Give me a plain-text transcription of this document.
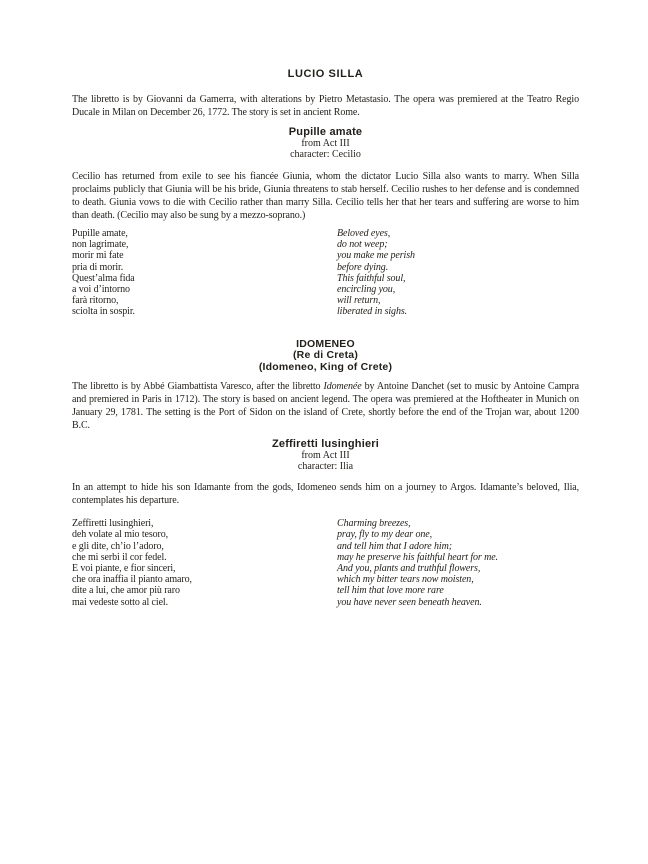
LUCIO SILLA

The libretto is by Giovanni da Gamerra, with alterations by Pietro Metastasio. The opera was premiered at the Teatro Regio Ducale in Milan on December 26, 1772. The story is set in ancient Rome.

Pupille amate
from Act III
character: Cecilio

Cecilio has returned from exile to see his fiancée Giunia, whom the dictator Lucio Silla also wants to marry. When Silla proclaims publicly that Giunia will be his bride, Giunia threatens to stab herself. Cecilio rushes to her defense and is condemned to death. Giunia vows to die with Cecilio rather than marry Silla. Cecilio tells her that her tears and suffering are worse to him than death. (Cecilio may also be sung by a mezzo-soprano.)

Pupille amate,
non lagrimate,
morir mi fate
pria di morir.
Quest’alma fida
a voi d’intorno
farà ritorno,
sciolta in sospir.
Beloved eyes,
do not weep;
you make me perish
before dying.
This faithful soul,
encircling you,
will return,
liberated in sighs.
IDOMENEO
(Re di Creta)
(Idomeneo, King of Crete)

The libretto is by Abbé Giambattista Varesco, after the libretto Idomenée by Antoine Danchet (set to music by Antoine Campra and premiered in Paris in 1712). The story is based on ancient legend. The opera was premiered at the Hoftheater in Munich on January 29, 1781. The setting is the Port of Sidon on the island of Crete, shortly before the end of the Trojan war, about 1200 B.C.

Zeffiretti lusinghieri
from Act III
character: Ilia

In an attempt to hide his son Idamante from the gods, Idomeneo sends him on a journey to Argos. Idamante’s beloved, Ilia, contemplates his departure.

Zeffiretti lusinghieri,
deh volate al mio tesoro,
e gli dite, ch’io l’adoro,
che mi serbi il cor fedel.
E voi piante, e fior sinceri,
che ora inaffia il pianto amaro,
dite a lui, che amor più raro
mai vedeste sotto al ciel.
Charming breezes,
pray, fly to my dear one,
and tell him that I adore him;
may he preserve his faithful heart for me.
And you, plants and truthful flowers,
which my bitter tears now moisten,
tell him that love more rare
you have never seen beneath heaven.
